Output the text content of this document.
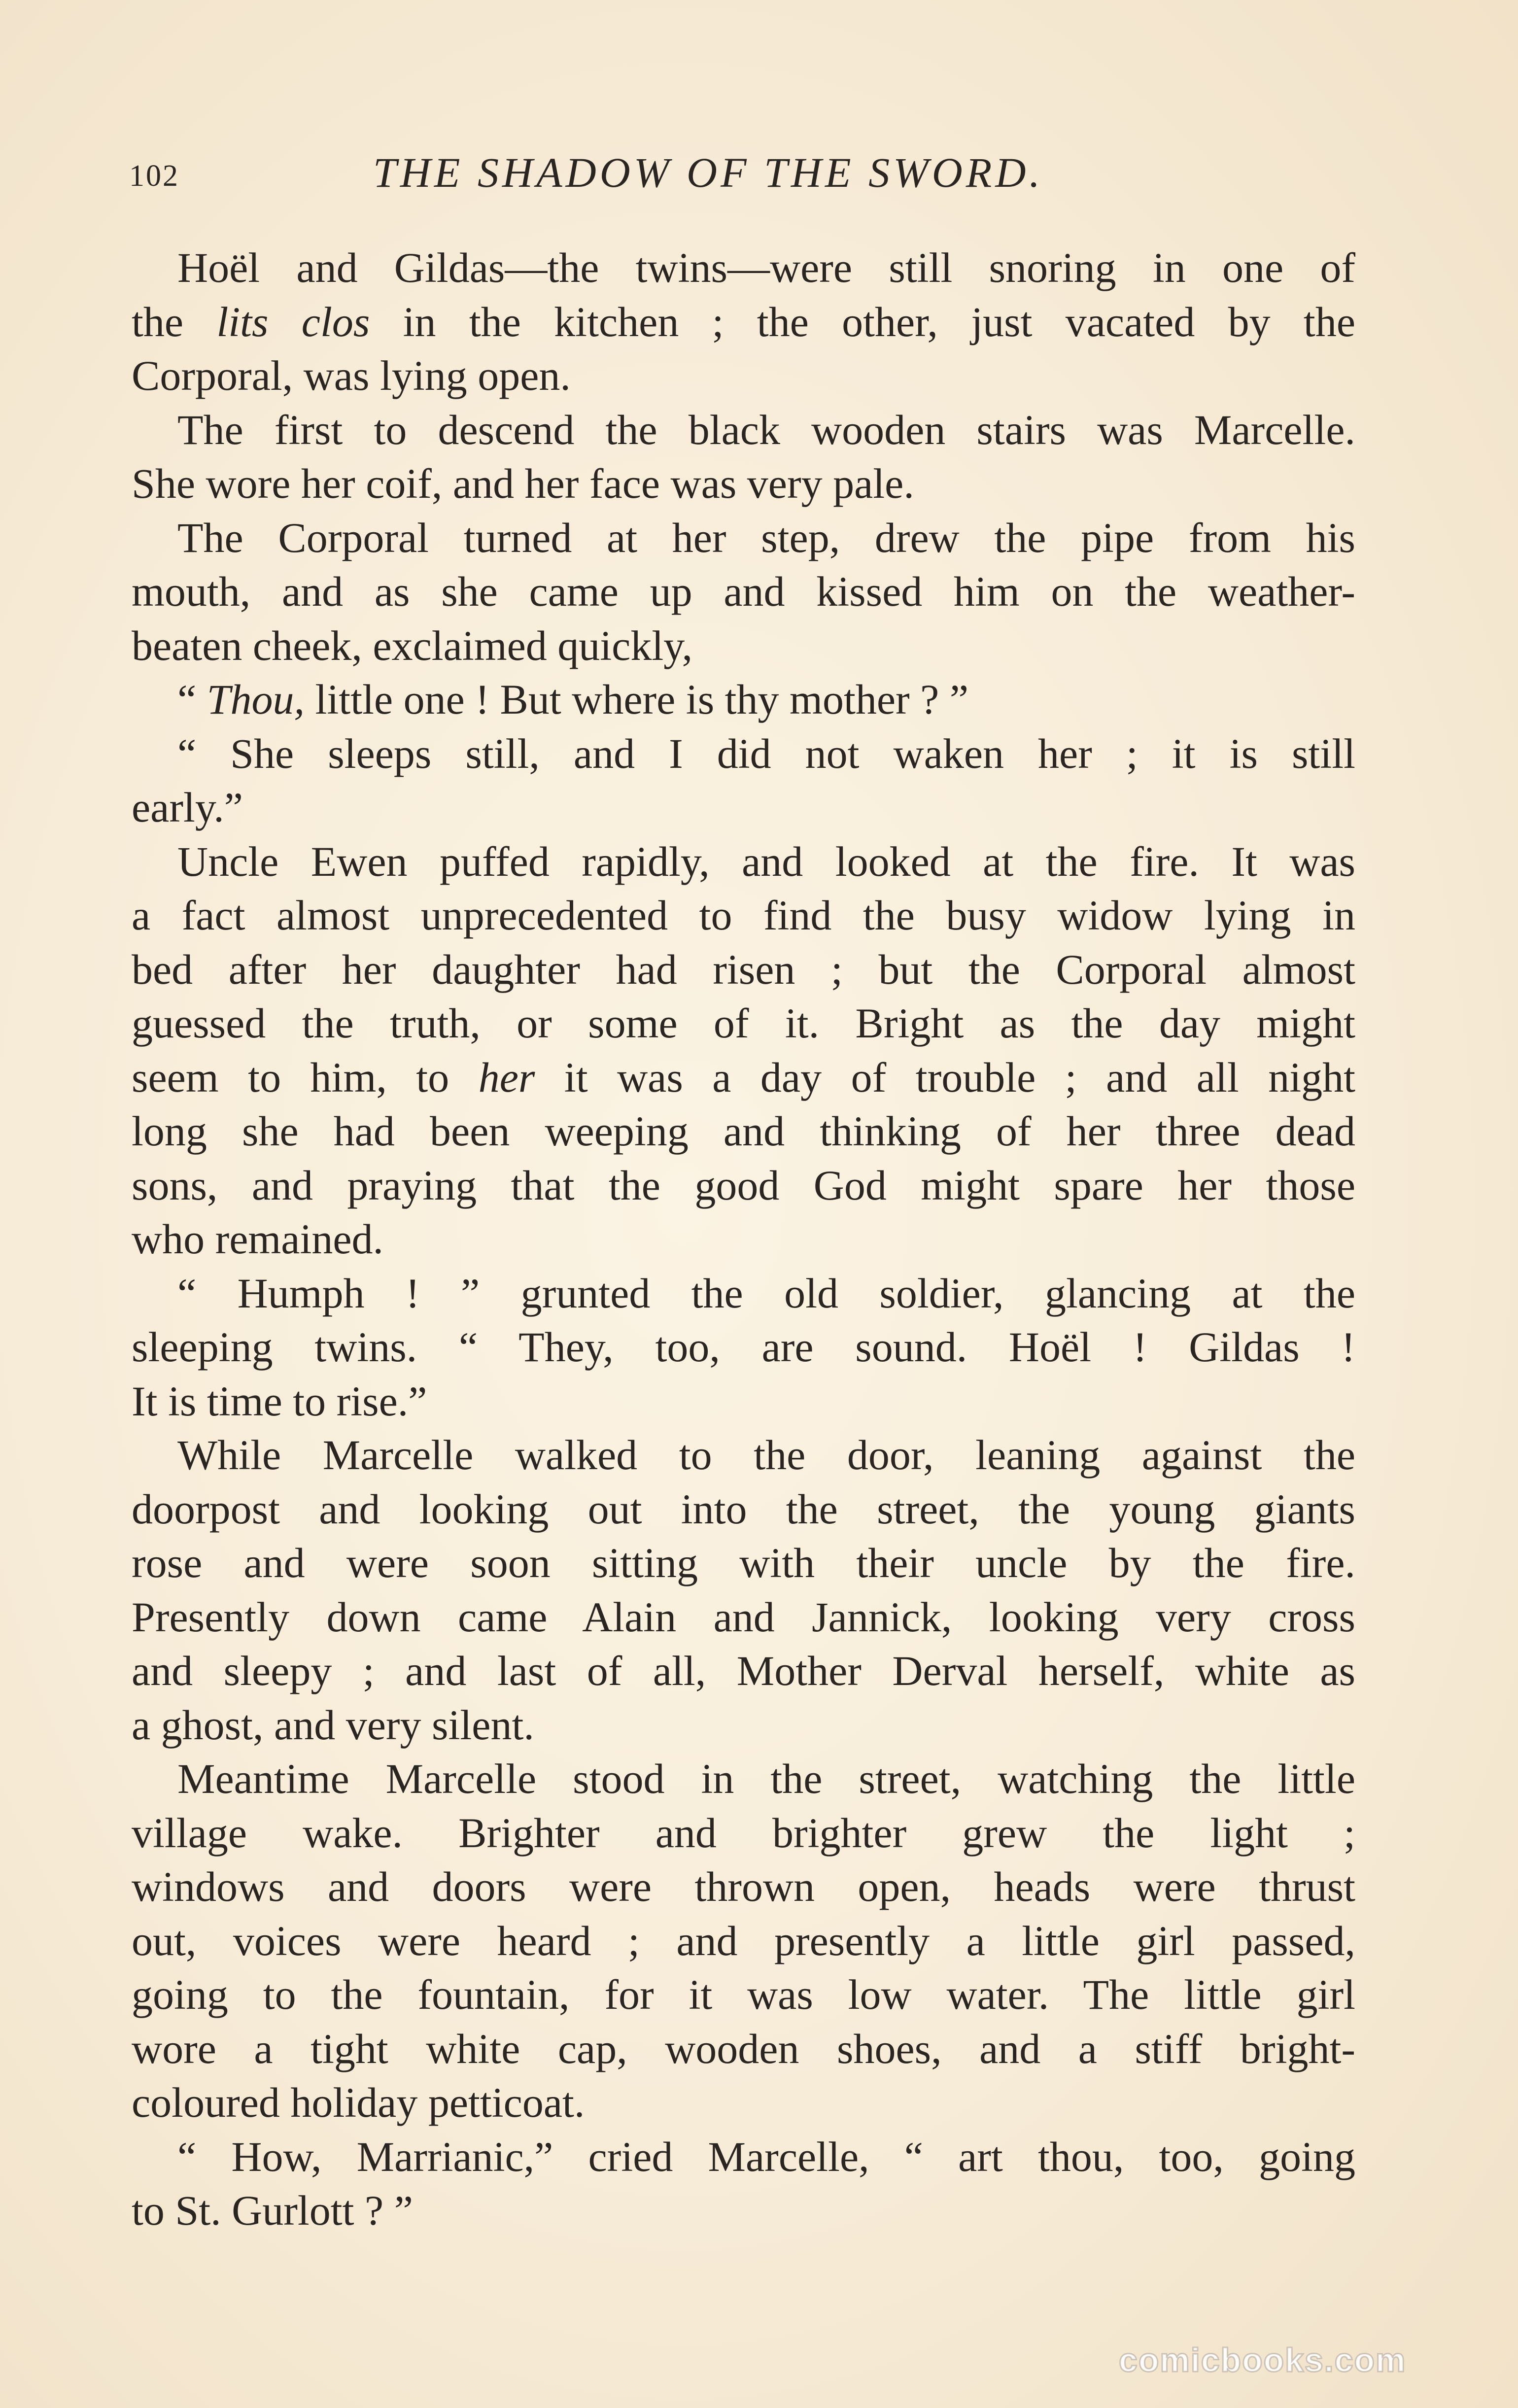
102	THE SHADOW OF THE SWORD.
Hoël and Gildas—the twins—were still snoring in one of
the lits clos in the kitchen ; the other, just vacated by the
Corporal, was lying open.
The first to descend the black wooden stairs was Marcelle.
She wore her coif, and her face was very pale.
The Corporal turned at her step, drew the pipe from his
mouth, and as she came up and kissed him on the weather-
beaten cheek, exclaimed quickly,
“ Thou, little one ! But where is thy mother ? ”
“ She sleeps still, and I did not waken her ; it is still
early.”
Uncle Ewen puffed rapidly, and looked at the fire. It was
a fact almost unprecedented to find the busy widow lying in
bed after her daughter had risen ; but the Corporal almost
guessed the truth, or some of it. Bright as the day might
seem to him, to her it was a day of trouble ; and all night
long she had been weeping and thinking of her three dead
sons, and praying that the good God might spare her those
who remained.
“ Humph ! ” grunted the old soldier, glancing at the
sleeping twins. “ They, too, are sound. Hoël ! Gildas !
It is time to rise.”
While Marcelle walked to the door, leaning against the
doorpost and looking out into the street, the young giants
rose and were soon sitting with their uncle by the fire.
Presently down came Alain and Jannick, looking very cross
and sleepy ; and last of all, Mother Derval herself, white as
a ghost, and very silent.
Meantime Marcelle stood in the street, watching the little
village wake. Brighter and brighter grew the light ;
windows and doors were thrown open, heads were thrust
out, voices were heard ; and presently a little girl passed,
going to the fountain, for it was low water. The little girl
wore a tight white cap, wooden shoes, and a stiff bright-
coloured holiday petticoat.
“ How, Marrianic,” cried Marcelle, “ art thou, too, going
to St. Gurlott ? ”
comicbooks.com
